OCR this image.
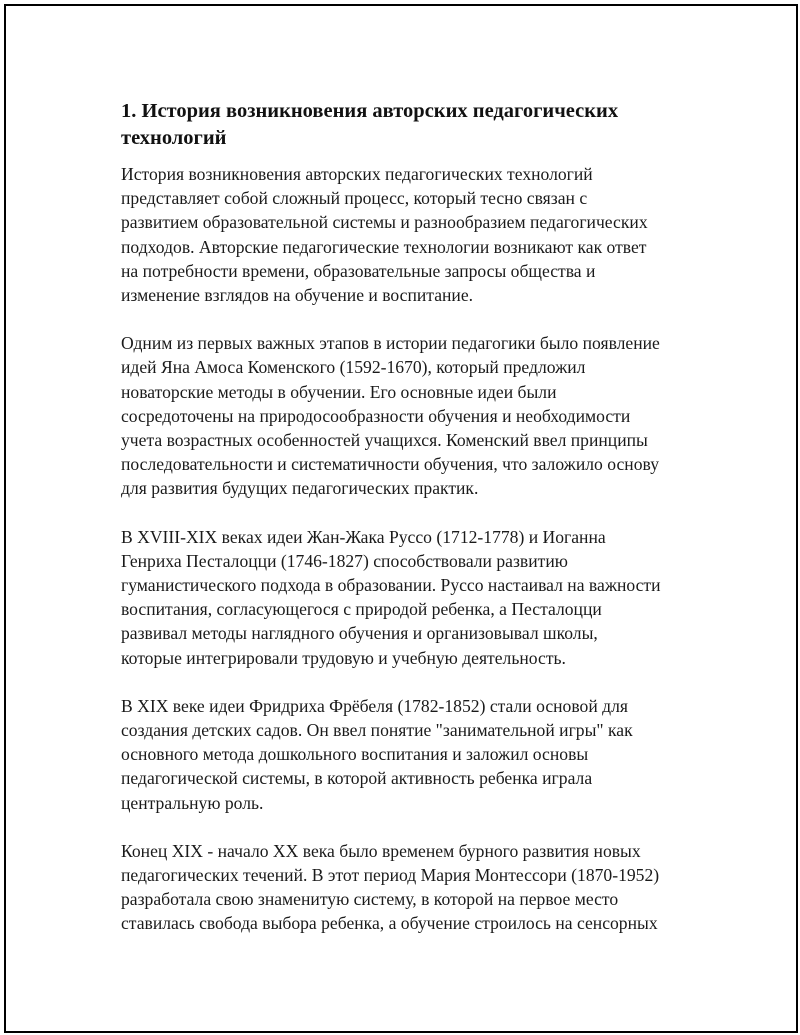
1. История возникновения авторских педагогических
технологий

История возникновения авторских педагогических технологий
представляет собой сложный процесс, который тесно связан с
развитием образовательной системы и разнообразием педагогических
подходов. Авторские педагогические технологии возникают как ответ
на потребности времени, образовательные запросы общества и
изменение взглядов на обучение и воспитание.

Одним из первых важных этапов в истории педагогики было появление
идей Яна Амоса Коменского (1592-1670), который предложил
новаторские методы в обучении. Его основные идеи были
сосредоточены на природосообразности обучения и необходимости
учета возрастных особенностей учащихся. Коменский ввел принципы
последовательности и систематичности обучения, что заложило основу
для развития будущих педагогических практик.

В XVIII-XIX веках идеи Жан-Жака Руссо (1712-1778) и Иоганна
Генриха Песталоцци (1746-1827) способствовали развитию
гуманистического подхода в образовании. Руссо настаивал на важности
воспитания, согласующегося с природой ребенка, а Песталоцци
развивал методы наглядного обучения и организовывал школы,
которые интегрировали трудовую и учебную деятельность.

В XIX веке идеи Фридриха Фрёбеля (1782-1852) стали основой для
создания детских садов. Он ввел понятие "занимательной игры" как
основного метода дошкольного воспитания и заложил основы
педагогической системы, в которой активность ребенка играла
центральную роль.

Конец XIX - начало XX века было временем бурного развития новых
педагогических течений. В этот период Мария Монтессори (1870-1952)
разработала свою знаменитую систему, в которой на первое место
ставилась свобода выбора ребенка, а обучение строилось на сенсорных
